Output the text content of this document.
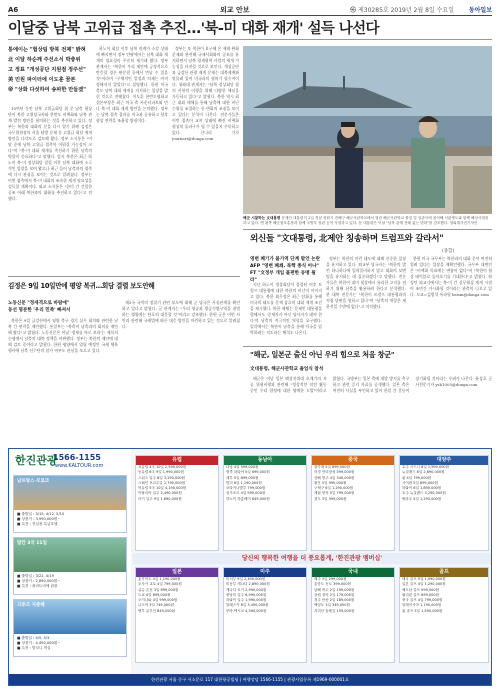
A6	외교 안보	㉿ 제30285호 2019년 2월 8일 수요일 동아일보
이달중 남북 고위급 접촉 추진…'북-미 대화 재개' 설득 나선다
통에이는 "협상팀 방북 전제" 밝혀
北 이달 하순께 주선소식 박충위
고 정표 "개성공단 지원점 정주선"
美 민원 파이터에 이도훈 꿈본
帝 "상화 다섯하여 송파한 만들겠"

10여년 동안 남북 고위급회담 위 중 남측 협상단이 북한 고위당국자와 한반도 비핵화와 남북 관계 발전 방안을 협의하는 것을 추진하고 있다. 정부는 북한과 대화의 문을 다시 열기 위해 김정은 국무위원장의 서울 답방 문제 등 고위급 회담 재개 방안을 다각도로 검토해 왔다. 정부 소식통은 "이달 중에 남북 고위급 접촉이 이뤄질 가능성이 크다"며 "북-미 대화 재개를 촉진하기 위한 남측의 역할이 중요하다"고 말했다. 앞서 북한은 최근 하노이 북-미 정상회담 결렬 이후 남북 대화에 소극적인 입장을 보여 왔으나 최근 들어 남측과의 접촉에 다시 관심을 보이는 것으로 알려졌다. 정부는 이번 접촉에서 북-미 대화의 조속한 재개 필요성을 설득할 계획이다. 외교 소식통은 "한미 간 긴밀한 공조 아래 북한과의 대화를 추진하고 있다"고 전했다.

하노이 회담 이후 남북 관계가 소강 상태에 빠지면서 정부 안팎에서는 남북 대화 재개의 필요성이 꾸준히 제기돼 왔다. 정부 관계자는 "북한이 우리 제안에 긍정적으로 반응할 경우 판문점 등에서 만날 수 있을 것"이라며 "구체적인 일정과 의제는 아직 정해지지 않았다"고 설명했다. 한편 미국 측도 남북 대화 재개를 지지하는 입장을 밝힌 것으로 전해졌다. 이도훈 한반도평화교섭본부장은 최근 미국 측 카운터파트와 만나 북-미 대화 재개 방안을 논의했다. 정부는 남북 접촉 결과를 미국과 공유하고 향후 협상 전략을 조율할 방침이다.

정부는 또 북한이 요구해 온 제재 완화 문제와 관련해 국제사회와의 공조를 유지하면서 남북 경제협력 사업의 재개 가능성을 타진할 것으로 보인다. 개성공단과 금강산 관광 재개 문제는 대북제재와 맞물려 있어 미국과의 협의가 필수적이다. 청와대 관계자는 "남북 정상회담 합의 사항의 이행을 위해 다양한 채널을 가동하고 있다"고 밝혔다. 북한 역시 최근 대외 매체를 통해 남측에 대한 비난 수위를 조절하는 등 변화의 조짐을 보이고 있다는 분석이 나온다. 전문가들은 이번 접촉이 교착 상태에 빠진 비핵화 협상의 돌파구가 될 수 있을지 주목하고 있다. 신나리 기자 journari@donga.com

해군 시찰하는 文대통령 문재인 대통령이 2일 경남 창원시 진해구 해군사관학교에서 열린 해군사관학교 졸업 및 임관식에 참석해 사관생도와 함께 해상사열을 하고 있다. 맨 왼쪽 해군참모총장과 함께 국방부 장관 등이 사열하고 있다. 문 대통령은 이날 "남북 관계 전례 없는 변화"를 강조했다. 청와대사진기자단
외신들 "文대통령, 北제안 칭송하며 트럼프와 갈라서"
(종합)
영변 폐기가 불가역 단계 발언 논란
AFP "영변 폐쇄, 북핵 종식 아냐"
FT "文정부 개입 불편한 동맹 될라"

지난 하노이 정상회담이 결렬된 이후 트럼프 대통령에 대한 북한의 비난이 이어지고 있다. 북한 외무성은 최근 담화를 통해 미국의 태도를 문제 삼으며 대화 재개 조건을 제시했다. 북한 매체는 문재인 대통령을 향해서도 '중재자가 아닌 당사자가 돼야 한다'며 남측의 적극적인 역할을 요구했다. 일각에서는 북한이 남측을 통해 미국을 압박하려는 의도라는 해석도 나온다.

정부는 북한의 이런 태도에 대해 신중한 입장을 유지하고 있다. 외교부 당국자는 "북한의 발언 하나하나에 일희일비하지 않고 대화의 모멘텀을 유지하는 데 집중하겠다"고 말했다. 전문가들은 북한이 대미 협상에서 유리한 고지를 점하기 위해 남측을 활용하려 한다고 분석했다. 한 대북 전문가는 "북한이 트럼프 대통령과의 직접 담판을 원하고 있다"며 "남측의 역할은 제한적일 수밖에 없다"고 지적했다.

한편 미국 국무부는 북한과의 대화 문이 여전히 열려 있다는 입장을 재확인했다. 국무부 대변인은 "비핵화 목표에는 변함이 없다"며 "북한이 협상 테이블로 돌아오기를 기대한다"고 밝혔다. 워싱턴 외교가에서는 북-미 간 실무협상 재개 시점이 조만간 가시화될 것이라는 관측이 나오고 있다. 도쿄=김범석 특파원 bsism@donga.com

김정은 9일 10일만에 평양 복귀…회담 결렬 보도안해
노동신문 "정세격으로 바람에"
동선 명분한 '우리 민족' 빠져서

북한은 9일 금강산에서 평양 축구 경기 실무 회의와 관련한 남북 간 연락을 제안했다. 통일부는 "북측이 남측과의 회의를 제안해 왔다"고 밝혔다. 노동신문은 이날 '정세를 바로 보라'는 제목의 논평에서 남측의 대북 정책을 비판했다. 정부는 북한의 제안에 대해 검토 중이라고 밝혔다. 한편 평양에서 열릴 예정인 국제 체육 행사에 남측 선수단의 참가 여부도 관심을 모으고 있다.

제3국 국적의 정찰기 관련 보도에 대해 군 당국은 사실관계를 확인하고 있다고 밝혔다. 군 관계자는 "우리 영공과 방공식별구역을 침범하는 행위에는 단호히 대응할 것"이라고 강조했다. 한편 군은 이번 사안과 관련해 국제법에 따른 대응 방안을 마련하고 있는 것으로 알려졌다.

"해군, 일본군 출신 아닌 우리 힘으로 처음 창군"
文대통령, 해군사관학교 졸업식 참석

해군은 이날 일본 해상자위대 초계기의 저공 위협비행과 관련해 "정상적인 작전 활동 중인 우리 함정에 대한 명백한 도발"이라고 밝혔다. 국방부는 일본 측에 재발 방지를 촉구하고 관련 증거 자료를 공개했다. 일본 측은 여전히 사실을 부인하고 있어 한일 간 갈등이 장기화될 것이라는 우려가 나온다. 윤상호 군사전문기자 ysh1005@donga.com

한진관광
1566-1155
www.KALTOUR.com
남프랑스·모로코
■ 출발일 : 3/15, 4/12, 5/10
■ 상품가 : 3,990,000원~
■ 특전 : 전일정 특급호텔
발칸 3국 11일
■ 출발일 : 3/22, 4/19
■ 상품가 : 2,890,000원~
■ 특전 : 플리트비체 관광
크루즈 지중해
■ 출발일 : 4/5, 5/3
■ 상품가 : 4,490,000원~
■ 특전 : 발코니 객실
유럽
서유럽 4국 10일 2,590,000원
동유럽 6국 9일 1,990,000원
스위스 일주 8일 3,290,000원
스페인 포르투갈 2,790,000원
북유럽 5국 10일 4,190,000원
이탈리아 일주 2,490,000원
터키 일주 9일 1,690,000원
동남아
다낭 4일 599,000원
방콕 파타야 5일 699,000원
세부 5일 899,000원
발리 6일 1,190,000원
코타키나발루 799,000원
싱가포르 4일 990,000원
하노이 하롱베이 649,000원
중국
장가계 5일 899,000원
북경 만리장성 599,000원
상해 항주 4일 549,000원
황산 5일 999,000원
구채구 6일 1,290,000원
계림 양삭 5일 799,000원
청도 3일 399,000원
대양주
호주 시드니 6일 1,990,000원
뉴질랜드 8일 2,690,000원
괌 4일 799,000원
사이판 5일 899,000원
하와이 6일 1,890,000원
호주 뉴질랜드 3,290,000원
팔라우 5일 1,290,000원
당신의 행복한 여행을 더 풍요롭게, '한진관광 멤버십'
일본
홋카이도 4일 1,190,000원
오사카 교토 4일 799,000원
큐슈 온천 3일 699,000원
도쿄 4일 899,000원
오키나와 4일 999,000원
나고야 3일 749,000원
벳부 유후인 849,000원
미주
미서부 9일 2,490,000원
미동부 캐나다 2,890,000원
캐나다 로키 2,990,000원
중남미 일주 6,990,000원
하와이 일주 1,990,000원
알래스카 8일 3,490,000원
쿠바 멕시코 4,590,000원
국내
제주 3일 299,000원
울릉도 독도 399,000원
남해 여수 2일 199,000원
강원 설악 2일 179,000원
경주 안동 2일 189,000원
백령도 3일 349,000원
지리산 둘레길 159,000원
골프
태국 골프 5일 1,090,000원
일본 골프 4일 1,290,000원
베트남 골프 999,000원
필리핀 골프 899,000원
중국 골프 4일 799,000원
말레이시아 1,190,000원
괌 골프 5일 1,590,000원
한진관광 서울 중구 서소문로 117 대한항공빌딩 | 여행상담 1566-1155 | 관광사업등록 제1969-000001호
